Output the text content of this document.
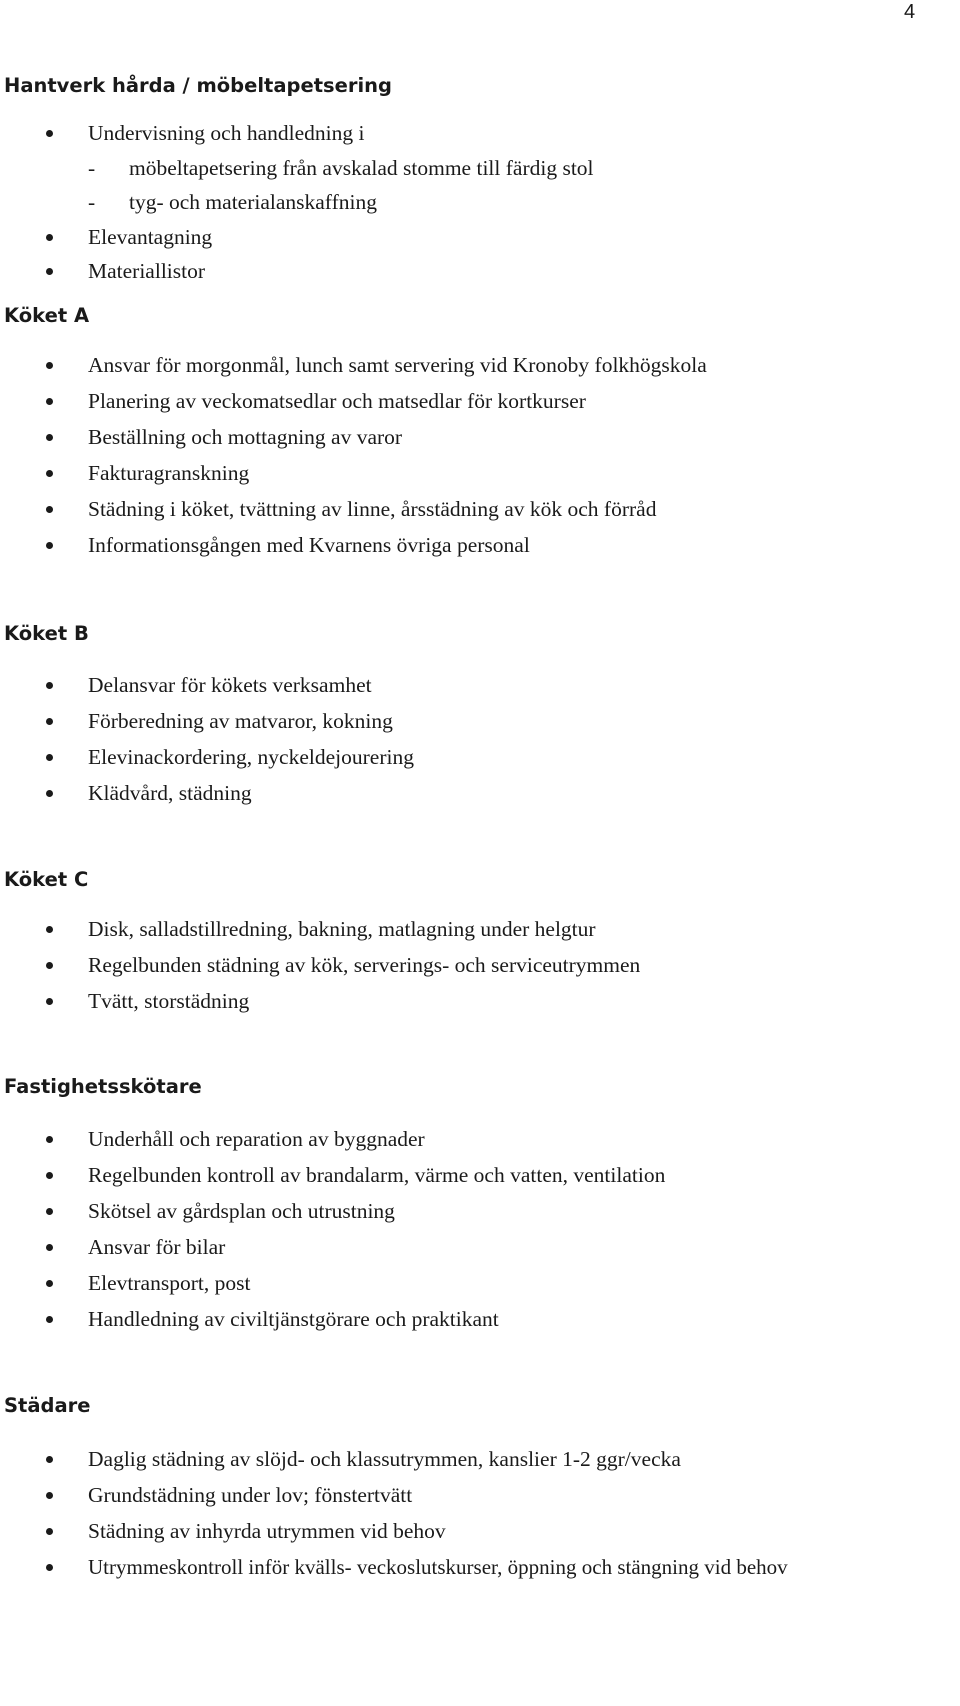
4
Hantverk hårda / möbeltapetsering

Undervisning och handledning i

- möbeltapetsering från avskalad stomme till färdig stol

- tyg- och materialanskaffning

Elevantagning

Materiallistor

Köket A

Ansvar för morgonmål, lunch samt servering vid Kronoby folkhögskola

Planering av veckomatsedlar och matsedlar för kortkurser

Beställning och mottagning av varor

Fakturagranskning

Städning i köket, tvättning av linne, årsstädning av kök och förråd

Informationsgången med Kvarnens övriga personal

Köket B

Delansvar för kökets verksamhet

Förberedning av matvaror, kokning

Elevinackordering, nyckeldejourering

Klädvård, städning

Köket C

Disk, salladstillredning, bakning, matlagning under helgtur

Regelbunden städning av kök, serverings- och serviceutrymmen

Tvätt, storstädning

Fastighetsskötare

Underhåll och reparation av byggnader

Regelbunden kontroll av brandalarm, värme och vatten, ventilation

Skötsel av gårdsplan och utrustning

Ansvar för bilar

Elevtransport, post

Handledning av civiltjänstgörare och praktikant

Städare

Daglig städning av slöjd- och klassutrymmen, kanslier 1-2 ggr/vecka

Grundstädning under lov; fönstertvätt

Städning av inhyrda utrymmen vid behov

Utrymmeskontroll inför kvälls- veckoslutskurser, öppning och stängning vid behov
